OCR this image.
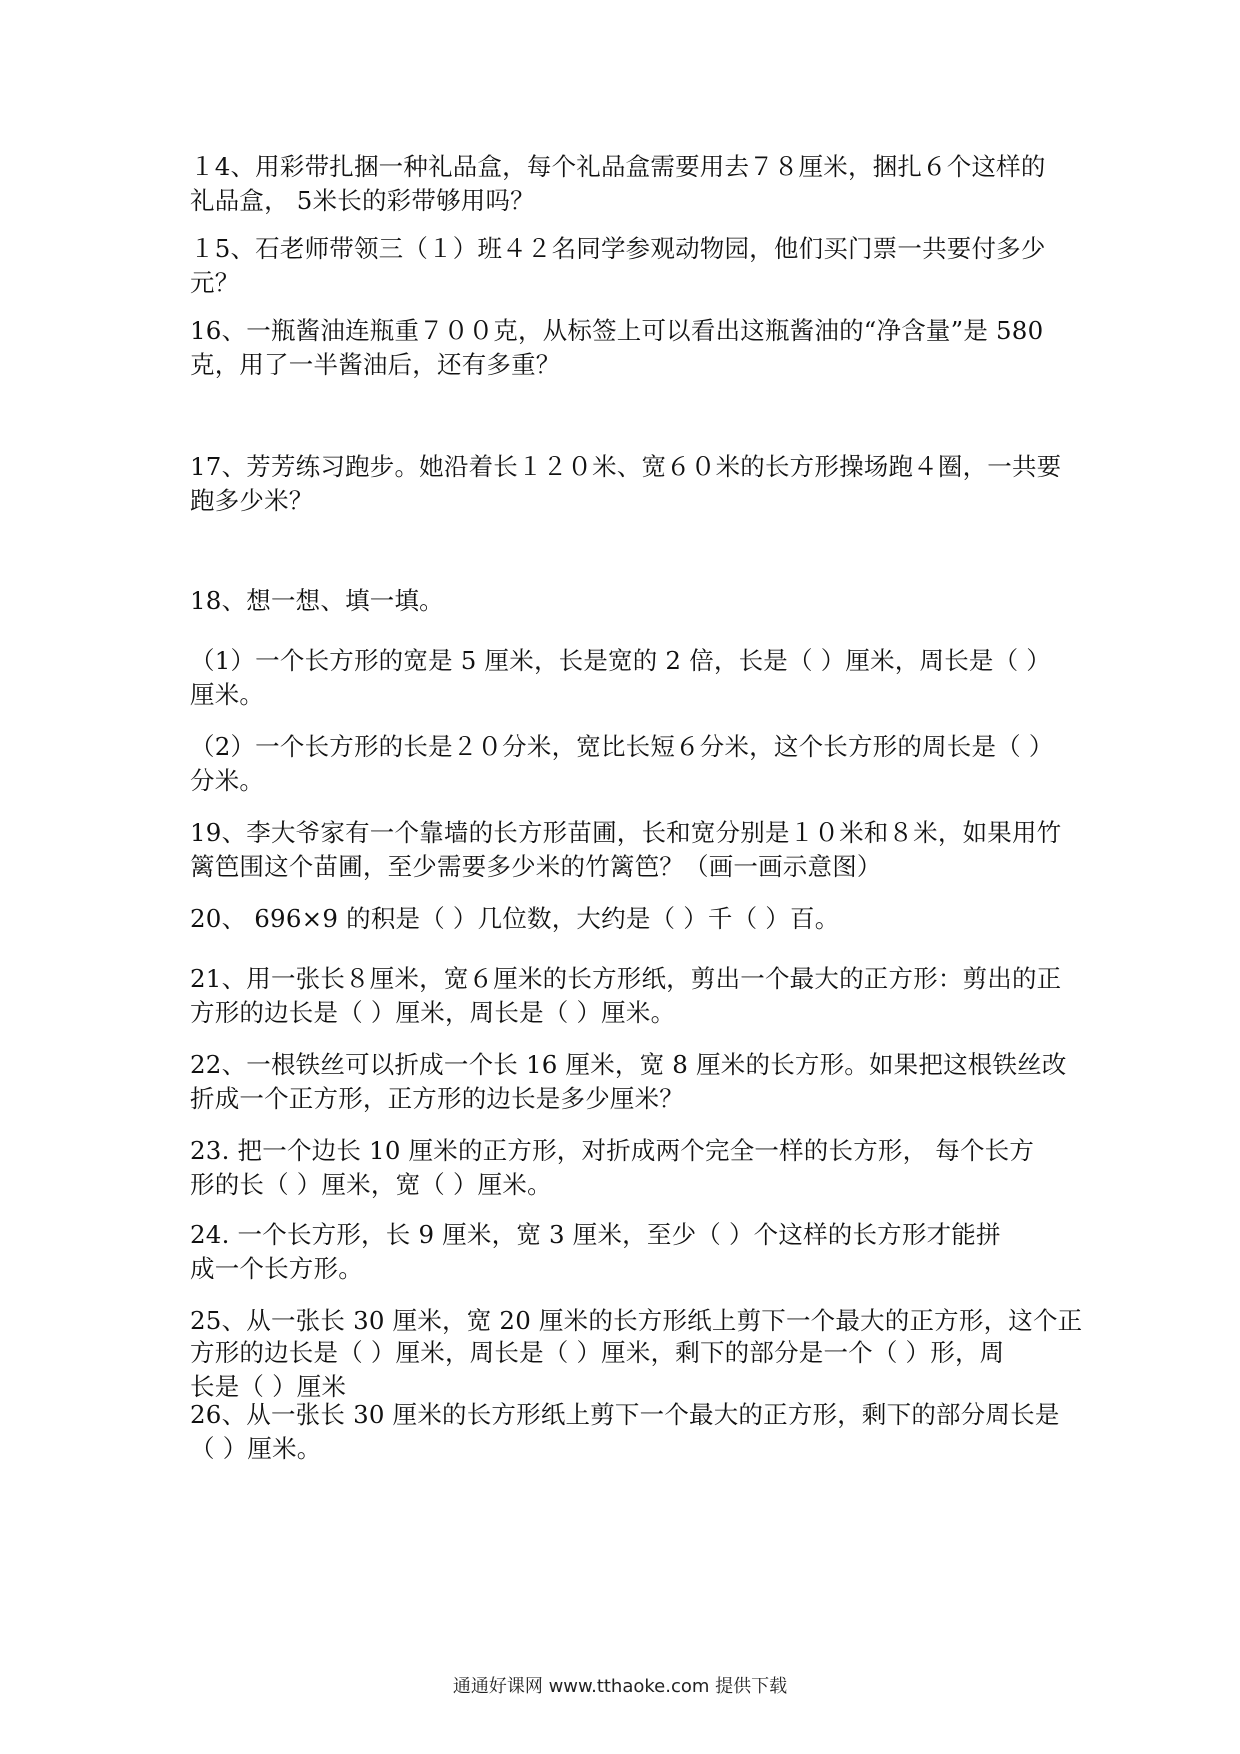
１4、用彩带扎捆一种礼品盒，每个礼品盒需要用去７８厘米，捆扎６个这样的
礼品盒， 5米长的彩带够用吗？
１5、石老师带领三（１）班４２名同学参观动物园，他们买门票一共要付多少
元？
16、一瓶酱油连瓶重７００克，从标签上可以看出这瓶酱油的“净含量”是 580
克，用了一半酱油后，还有多重？
17、芳芳练习跑步。她沿着长１２０米、宽６０米的长方形操场跑４圈，一共要
跑多少米？
18、想一想、填一填。
（1）一个长方形的宽是 5 厘米，长是宽的 2 倍，长是（ ）厘米，周长是（ ）
厘米。
（2）一个长方形的长是２０分米，宽比长短６分米，这个长方形的周长是（ ）
分米。
19、李大爷家有一个靠墙的长方形苗圃，长和宽分别是１０米和８米，如果用竹
篱笆围这个苗圃，至少需要多少米的竹篱笆？（画一画示意图）
20、 696×9 的积是（ ）几位数，大约是（ ）千（ ）百。
21、用一张长８厘米，宽６厘米的长方形纸，剪出一个最大的正方形：剪出的正
方形的边长是（ ）厘米，周长是（ ）厘米。
22、一根铁丝可以折成一个长 16 厘米，宽 8 厘米的长方形。如果把这根铁丝改
折成一个正方形，正方形的边长是多少厘米？
23. 把一个边长 10 厘米的正方形，对折成两个完全一样的长方形， 每个长方
形的长（ ）厘米，宽（ ）厘米。
24. 一个长方形，长 9 厘米，宽 3 厘米，至少（ ）个这样的长方形才能拼
成一个长方形。
25、从一张长 30 厘米，宽 20 厘米的长方形纸上剪下一个最大的正方形，这个正
方形的边长是（ ）厘米，周长是（ ）厘米，剩下的部分是一个（ ）形，周
长是（ ）厘米
26、从一张长 30 厘米的长方形纸上剪下一个最大的正方形，剩下的部分周长是
（ ）厘米。
通通好课网 www.tthaoke.com 提供下载
